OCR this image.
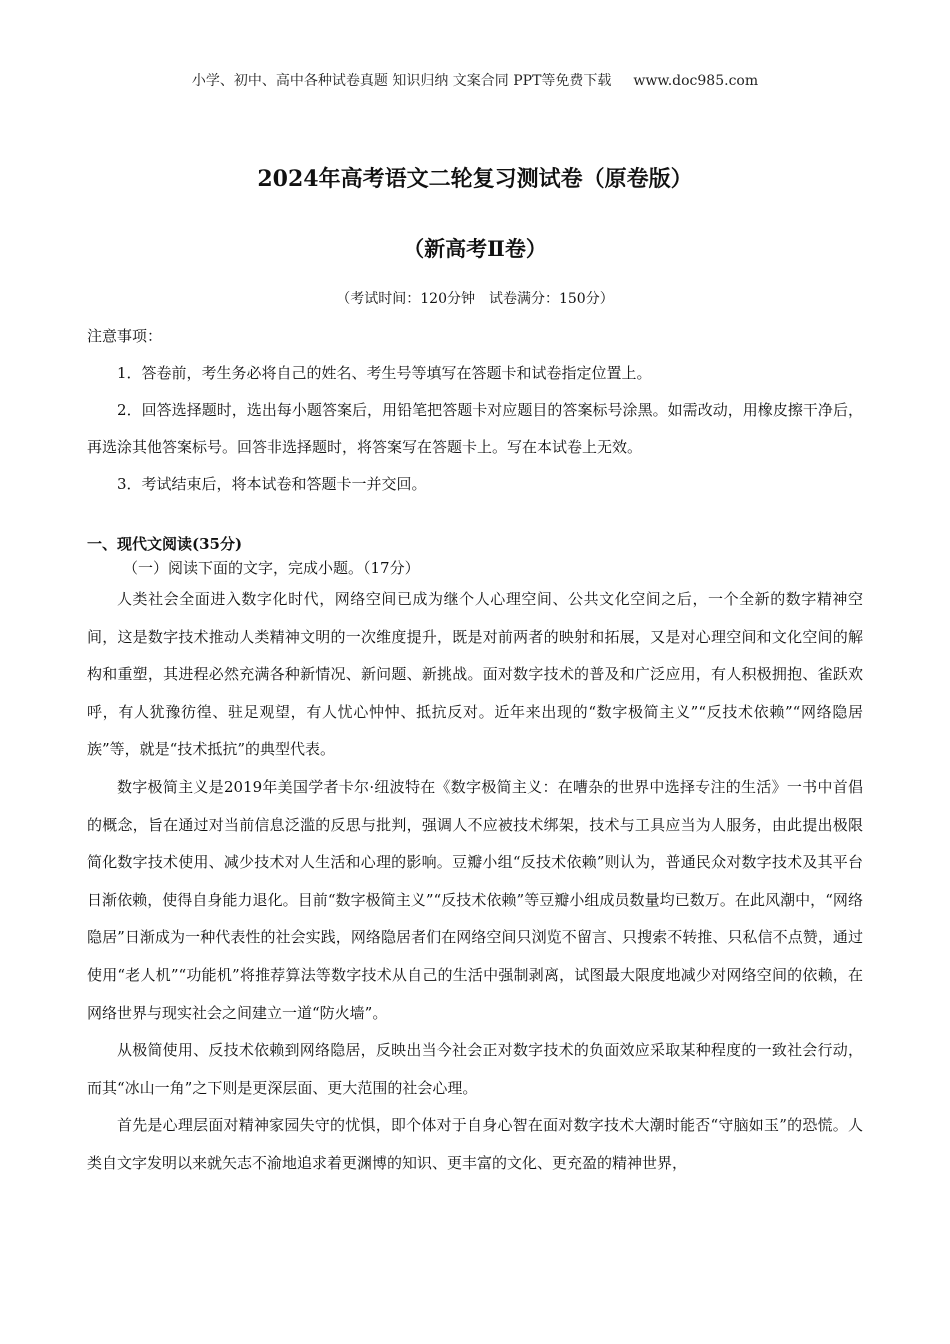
小学、初中、高中各种试卷真题 知识归纳 文案合同 PPT等免费下载 www.doc985.com
2024年高考语文二轮复习测试卷（原卷版）
（新高考Ⅱ卷）
（考试时间：120分钟　试卷满分：150分）
注意事项：
1．答卷前，考生务必将自己的姓名、考生号等填写在答题卡和试卷指定位置上。
2．回答选择题时，选出每小题答案后，用铅笔把答题卡对应题目的答案标号涂黑。如需改动，用橡皮擦干净后，再选涂其他答案标号。回答非选择题时，将答案写在答题卡上。写在本试卷上无效。
3．考试结束后，将本试卷和答题卡一并交回。
一、现代文阅读(35分)
（一）阅读下面的文字，完成小题。（17分）
人类社会全面进入数字化时代，网络空间已成为继个人心理空间、公共文化空间之后，一个全新的数字精神空间，这是数字技术推动人类精神文明的一次维度提升，既是对前两者的映射和拓展，又是对心理空间和文化空间的解构和重塑，其进程必然充满各种新情况、新问题、新挑战。面对数字技术的普及和广泛应用，有人积极拥抱、雀跃欢呼，有人犹豫彷徨、驻足观望，有人忧心忡忡、抵抗反对。近年来出现的“数字极简主义”“反技术依赖”“网络隐居族”等，就是“技术抵抗”的典型代表。
数字极简主义是2019年美国学者卡尔·纽波特在《数字极简主义：在嘈杂的世界中选择专注的生活》一书中首倡的概念，旨在通过对当前信息泛滥的反思与批判，强调人不应被技术绑架，技术与工具应当为人服务，由此提出极限简化数字技术使用、减少技术对人生活和心理的影响。豆瓣小组“反技术依赖”则认为，普通民众对数字技术及其平台日渐依赖，使得自身能力退化。目前“数字极简主义”“反技术依赖”等豆瓣小组成员数量均已数万。在此风潮中，“网络隐居”日渐成为一种代表性的社会实践，网络隐居者们在网络空间只浏览不留言、只搜索不转推、只私信不点赞，通过使用“老人机”“功能机”将推荐算法等数字技术从自己的生活中强制剥离，试图最大限度地减少对网络空间的依赖，在网络世界与现实社会之间建立一道“防火墙”。
从极简使用、反技术依赖到网络隐居，反映出当今社会正对数字技术的负面效应采取某种程度的一致社会行动，而其“冰山一角”之下则是更深层面、更大范围的社会心理。
首先是心理层面对精神家园失守的忧惧，即个体对于自身心智在面对数字技术大潮时能否“守脑如玉”的恐慌。人类自文字发明以来就矢志不渝地追求着更渊博的知识、更丰富的文化、更充盈的精神世界，
